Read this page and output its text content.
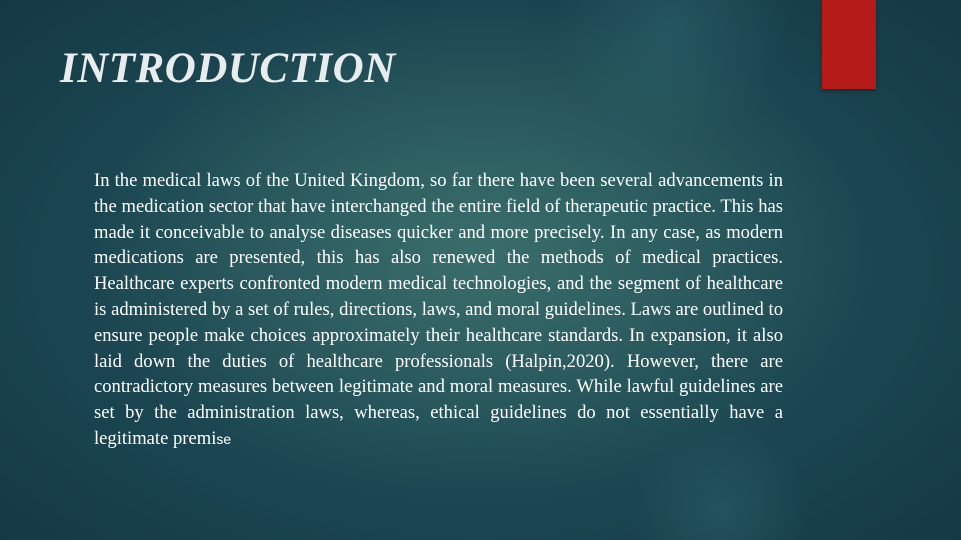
INTRODUCTION

In the medical laws of the United Kingdom, so far there have been several advancements in the medication sector that have interchanged the entire field of therapeutic practice. This has made it conceivable to analyse diseases quicker and more precisely. In any case, as modern medications are presented, this has also renewed the methods of medical practices. Healthcare experts confronted modern medical technologies, and the segment of healthcare is administered by a set of rules, directions, laws, and moral guidelines. Laws are outlined to ensure people make choices approximately their healthcare standards. In expansion, it also laid down the duties of healthcare professionals (Halpin,2020). However, there are contradictory measures between legitimate and moral measures. While lawful guidelines are set by the administration laws, whereas, ethical guidelines do not essentially have a legitimate premise
